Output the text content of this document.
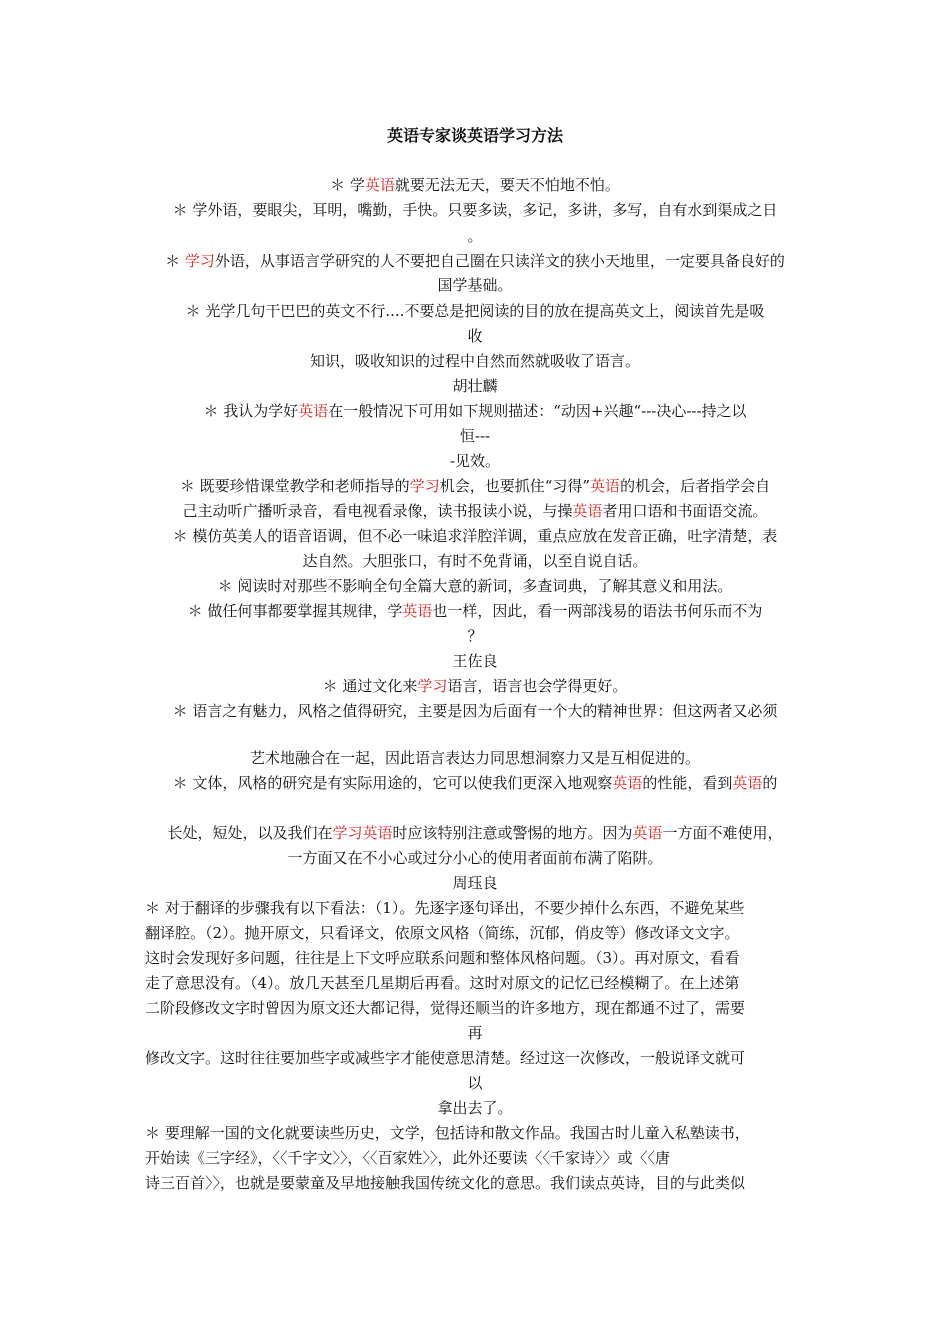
英语专家谈英语学习方法
＊ 学英语就要无法无天，要天不怕地不怕。
＊ 学外语，要眼尖，耳明，嘴勤，手快。只要多读，多记，多讲，多写，自有水到渠成之日
。
＊ 学习外语，从事语言学研究的人不要把自己圈在只读洋文的狭小天地里，一定要具备良好的
国学基础。
＊ 光学几句干巴巴的英文不行....不要总是把阅读的目的放在提高英文上，阅读首先是吸
收
知识，吸收知识的过程中自然而然就吸收了语言。
胡壮麟
＊ 我认为学好英语在一般情况下可用如下规则描述：“动因+兴趣“---决心---持之以
恒---
-见效。
＊ 既要珍惜课堂教学和老师指导的学习机会，也要抓住“习得”英语的机会，后者指学会自
己主动听广播听录音，看电视看录像，读书报读小说，与操英语者用口语和书面语交流。
＊ 模仿英美人的语音语调，但不必一味追求洋腔洋调，重点应放在发音正确，吐字清楚，表
达自然。大胆张口，有时不免背诵，以至自说自话。
＊ 阅读时对那些不影响全句全篇大意的新词，多查词典，了解其意义和用法。
＊ 做任何事都要掌握其规律，学英语也一样，因此，看一两部浅易的语法书何乐而不为
？
王佐良
＊ 通过文化来学习语言，语言也会学得更好。
＊ 语言之有魅力，风格之值得研究，主要是因为后面有一个大的精神世界：但这两者又必须
艺术地融合在一起，因此语言表达力同思想洞察力又是互相促进的。
＊ 文体，风格的研究是有实际用途的，它可以使我们更深入地观察英语的性能，看到英语的
长处，短处，以及我们在学习英语时应该特别注意或警惕的地方。因为英语一方面不难使用，
一方面又在不小心或过分小心的使用者面前布满了陷阱。
周珏良
＊ 对于翻译的步骤我有以下看法：（1）。先逐字逐句译出，不要少掉什么东西，不避免某些
翻译腔。（2）。抛开原文，只看译文，依原文风格（简练，沉郁，俏皮等）修改译文文字。
这时会发现好多问题，往往是上下文呼应联系问题和整体风格问题。（3）。再对原文，看看
走了意思没有。（4）。放几天甚至几星期后再看。这时对原文的记忆已经模糊了。在上述第
二阶段修改文字时曾因为原文还大都记得，觉得还顺当的许多地方，现在都通不过了，需要
再
修改文字。这时往往要加些字或减些字才能使意思清楚。经过这一次修改，一般说译文就可
以
拿出去了。
＊ 要理解一国的文化就要读些历史，文学，包括诗和散文作品。我国古时儿童入私塾读书，
开始读《三字经》，〈〈千字文〉〉，〈〈百家姓〉〉，此外还要读〈〈千家诗〉〉或〈〈唐
诗三百首〉〉，也就是要蒙童及早地接触我国传统文化的意思。我们读点英诗，目的与此类似
